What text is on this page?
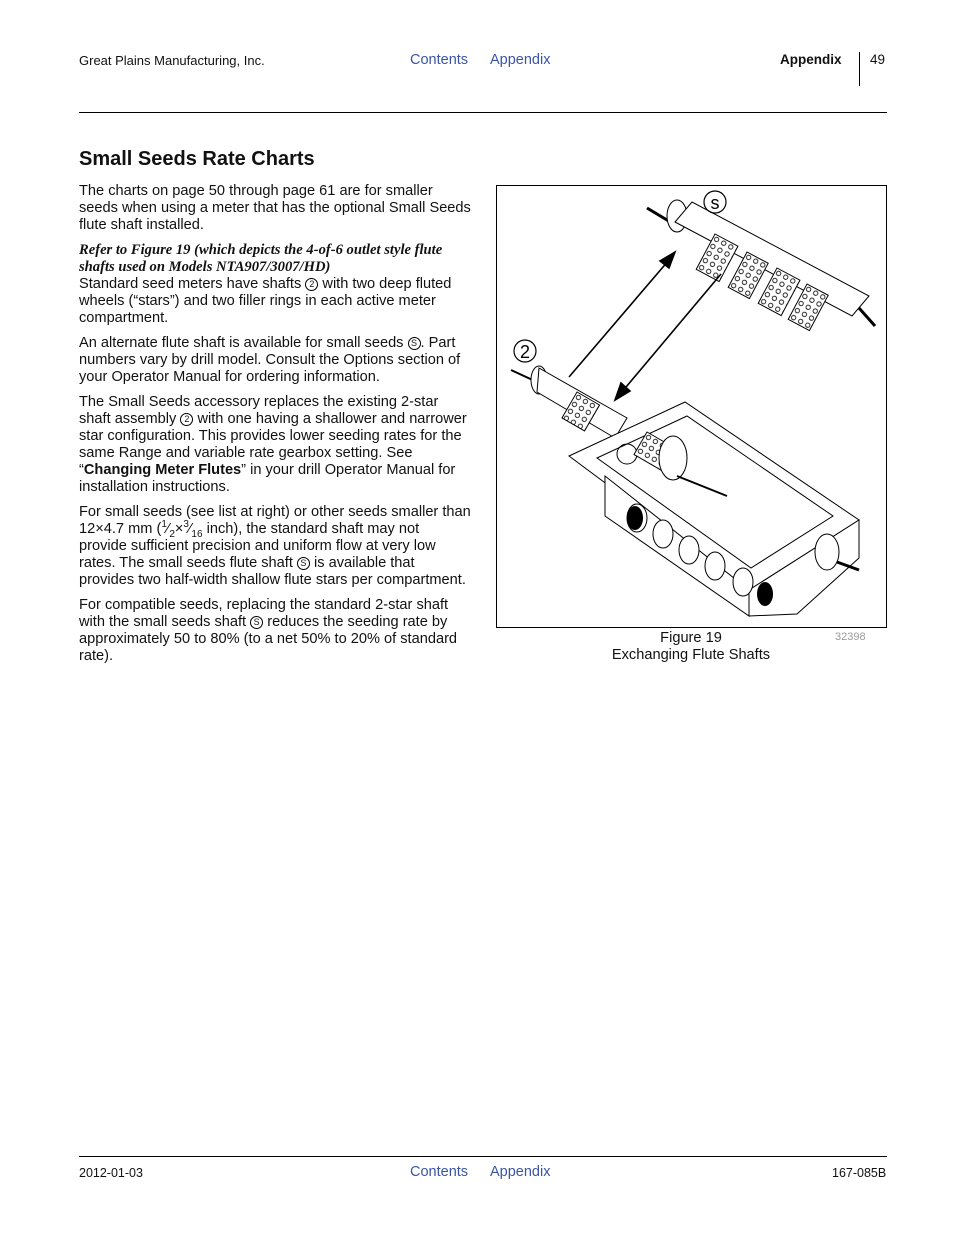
Great Plains Manufacturing, Inc.	Contents Appendix	Appendix 49
Small Seeds Rate Charts

The charts on page 50 through page 61 are for smaller seeds when using a meter that has the optional Small Seeds flute shaft installed.

Refer to Figure 19 (which depicts the 4-of-6 outlet style flute shafts used on Models NTA907/3007/HD)
Standard seed meters have shafts 2 with two deep fluted wheels (“stars”) and two filler rings in each active meter compartment.

An alternate flute shaft is available for small seeds S . Part numbers vary by drill model. Consult the Options section of your Operator Manual for ordering information.

The Small Seeds accessory replaces the existing 2-star shaft assembly 2 with one having a shallower and narrower star configuration. This provides lower seeding rates for the same Range and variable rate gearbox setting. See “Changing Meter Flutes” in your drill Operator Manual for installation instructions.

For small seeds (see list at right) or other seeds smaller than 12×4.7 mm ($^1⁄_2\times^3⁄_{16}$ inch), the standard shaft may not provide sufficient precision and uniform flow at very low rates. The small seeds flute shaft S is available that provides two half-width shallow flute stars per compartment.

For compatible seeds, replacing the standard 2-star shaft with the small seeds shaft S reduces the seeding rate by approximately 50 to 80% (to a net 50% to 20% of standard rate).

s
2
Figure 19
Exchanging Flute Shafts
32398
2012-01-03	Contents Appendix	167-085B
